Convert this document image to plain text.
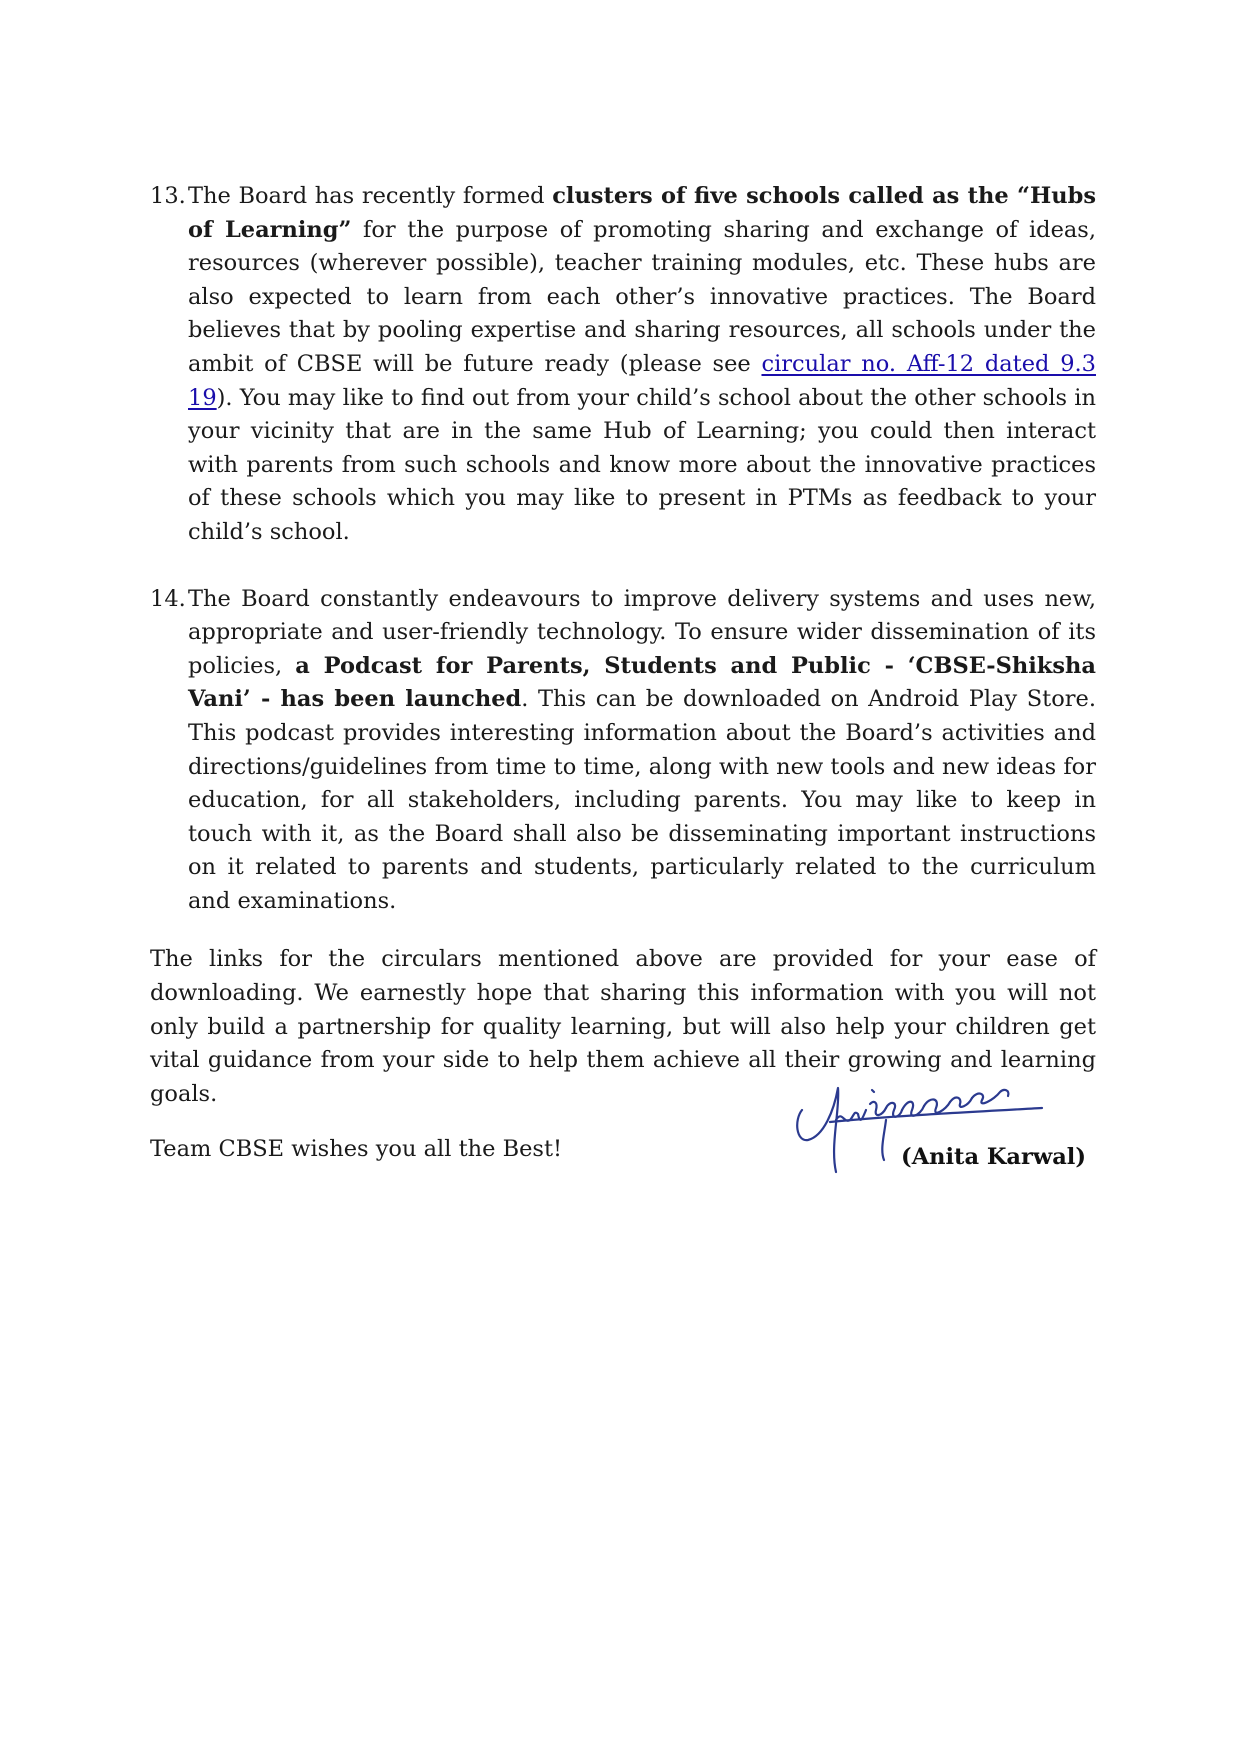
13. The Board has recently formed clusters of five schools called as the “Hubs of Learning” for the purpose of promoting sharing and exchange of ideas, resources (wherever possible), teacher training modules, etc. These hubs are also expected to learn from each other’s innovative practices. The Board believes that by pooling expertise and sharing resources, all schools under the ambit of CBSE will be future ready (please see circular no. Aff-12 dated 9.3 19). You may like to find out from your child’s school about the other schools in your vicinity that are in the same Hub of Learning; you could then interact with parents from such schools and know more about the innovative practices of these schools which you may like to present in PTMs as feedback to your child’s school.
14. The Board constantly endeavours to improve delivery systems and uses new, appropriate and user-friendly technology. To ensure wider dissemination of its policies, a Podcast for Parents, Students and Public - ‘CBSE-Shiksha Vani’ - has been launched. This can be downloaded on Android Play Store. This podcast provides interesting information about the Board’s activities and directions/guidelines from time to time, along with new tools and new ideas for education, for all stakeholders, including parents. You may like to keep in touch with it, as the Board shall also be disseminating important instructions on it related to parents and students, particularly related to the curriculum and examinations.

The links for the circulars mentioned above are provided for your ease of downloading. We earnestly hope that sharing this information with you will not only build a partnership for quality learning, but will also help your children get vital guidance from your side to help them achieve all their growing and learning goals.

Team CBSE wishes you all the Best!	(Anita Karwal)
